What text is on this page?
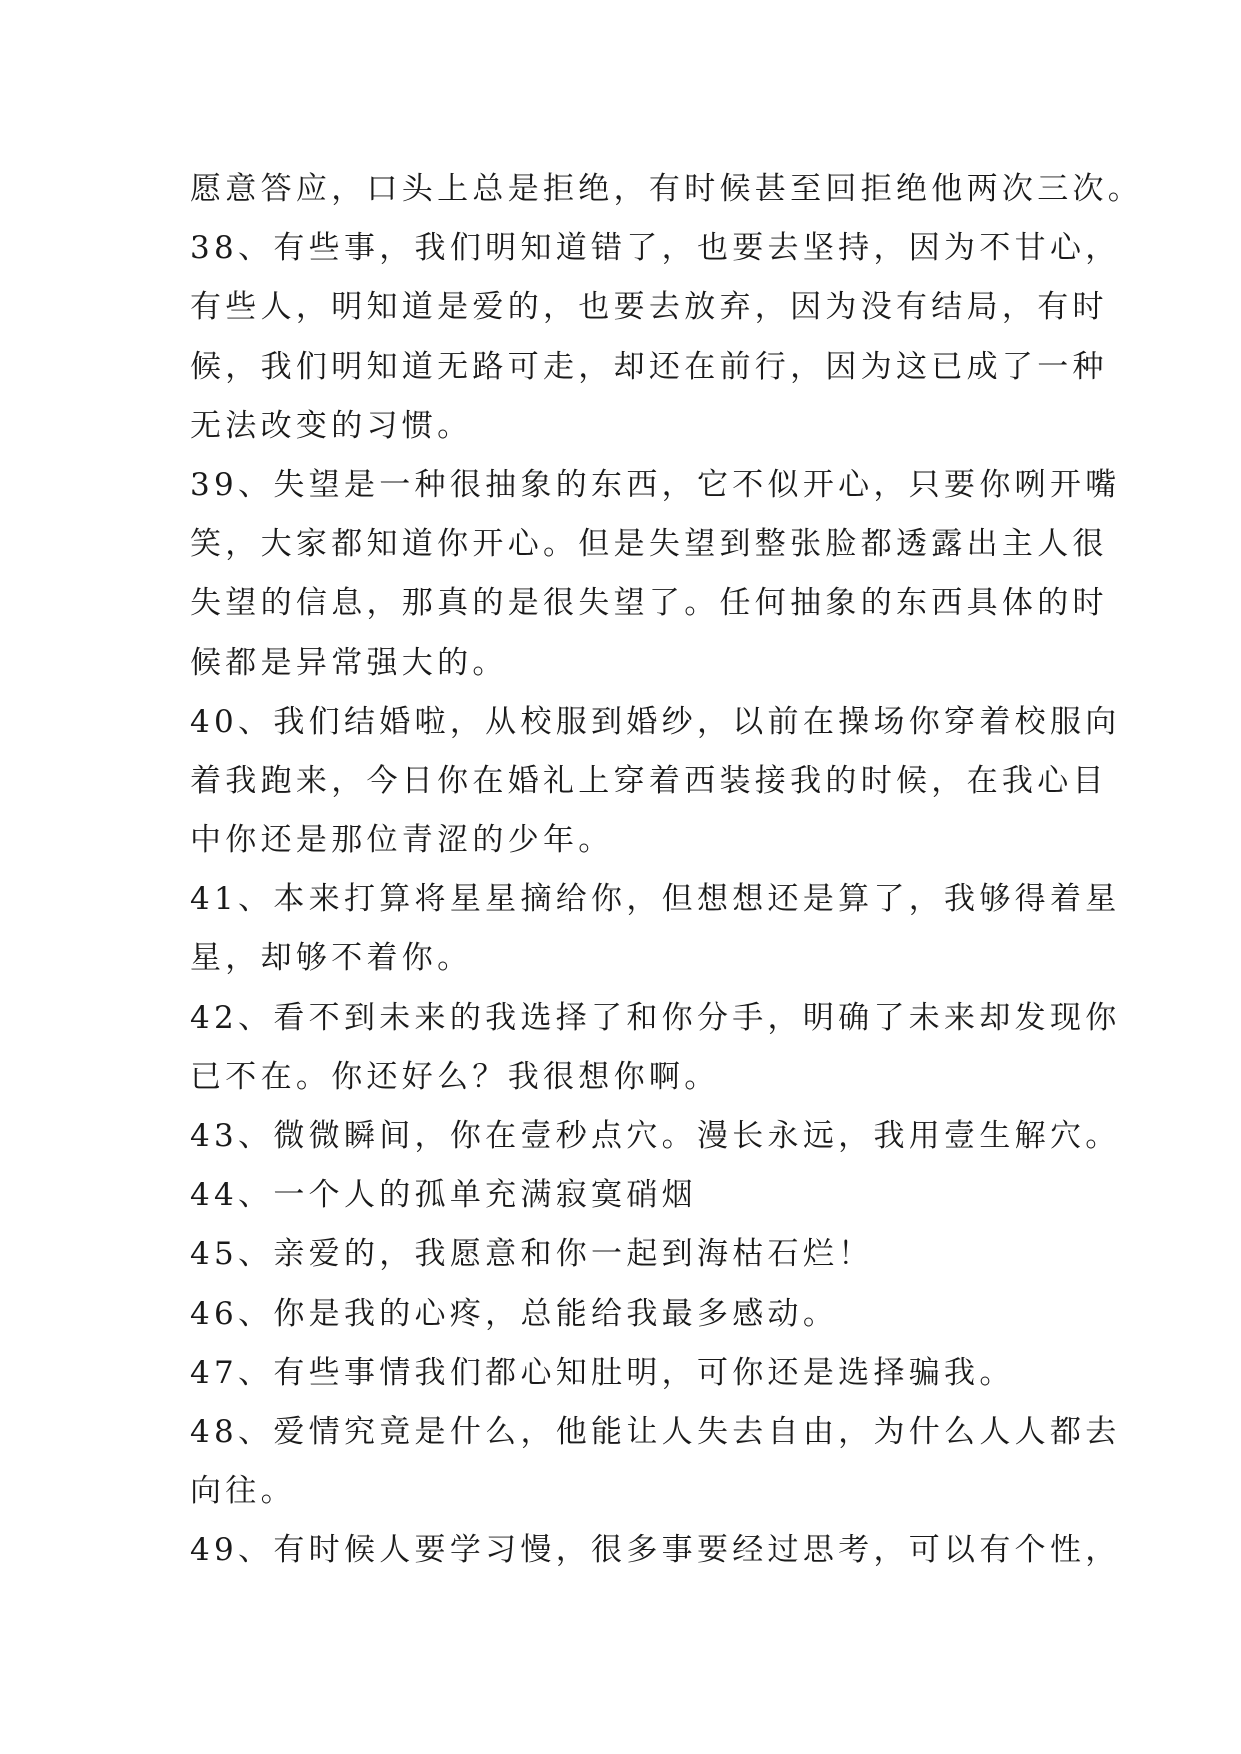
愿意答应，口头上总是拒绝，有时候甚至回拒绝他两次三次。
38、有些事，我们明知道错了，也要去坚持，因为不甘心，
有些人，明知道是爱的，也要去放弃，因为没有结局，有时
候，我们明知道无路可走，却还在前行，因为这已成了一种
无法改变的习惯。
39、失望是一种很抽象的东西，它不似开心，只要你咧开嘴
笑，大家都知道你开心。但是失望到整张脸都透露出主人很
失望的信息，那真的是很失望了。任何抽象的东西具体的时
候都是异常强大的。
40、我们结婚啦，从校服到婚纱，以前在操场你穿着校服向
着我跑来，今日你在婚礼上穿着西装接我的时候，在我心目
中你还是那位青涩的少年。
41、本来打算将星星摘给你，但想想还是算了，我够得着星
星，却够不着你。
42、看不到未来的我选择了和你分手，明确了未来却发现你
已不在。你还好么？我很想你啊。
43、微微瞬间，你在壹秒点穴。漫长永远，我用壹生解穴。
44、一个人的孤单充满寂寞硝烟
45、亲爱的，我愿意和你一起到海枯石烂！
46、你是我的心疼，总能给我最多感动。
47、有些事情我们都心知肚明，可你还是选择骗我。
48、爱情究竟是什么，他能让人失去自由，为什么人人都去
向往。
49、有时候人要学习慢，很多事要经过思考，可以有个性，
